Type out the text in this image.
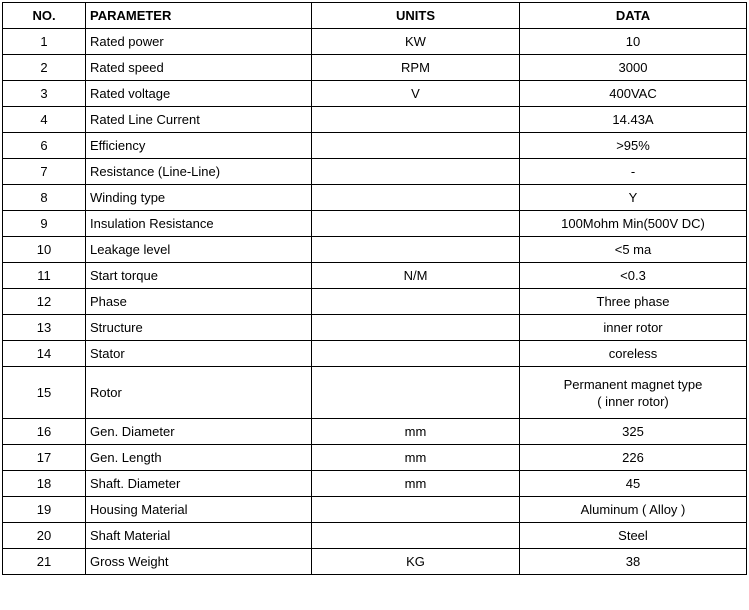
NO.	PARAMETER	UNITS	DATA
1	Rated power	KW	10
2	Rated speed	RPM	3000
3	Rated voltage	V	400VAC
4	Rated Line Current		14.43A
6	Efficiency		>95%
7	Resistance (Line-Line)		-
8	Winding type		Y
9	Insulation Resistance		100Mohm Min(500V DC)
10	Leakage level		<5 ma
11	Start torque	N/M	<0.3
12	Phase		Three phase
13	Structure		inner rotor
14	Stator		coreless
15	Rotor		Permanent magnet type
( inner rotor)

16	Gen. Diameter	mm	325
17	Gen. Length	mm	226
18	Shaft. Diameter	mm	45
19	Housing Material		Aluminum ( Alloy )
20	Shaft Material		Steel
21	Gross Weight	KG	38
